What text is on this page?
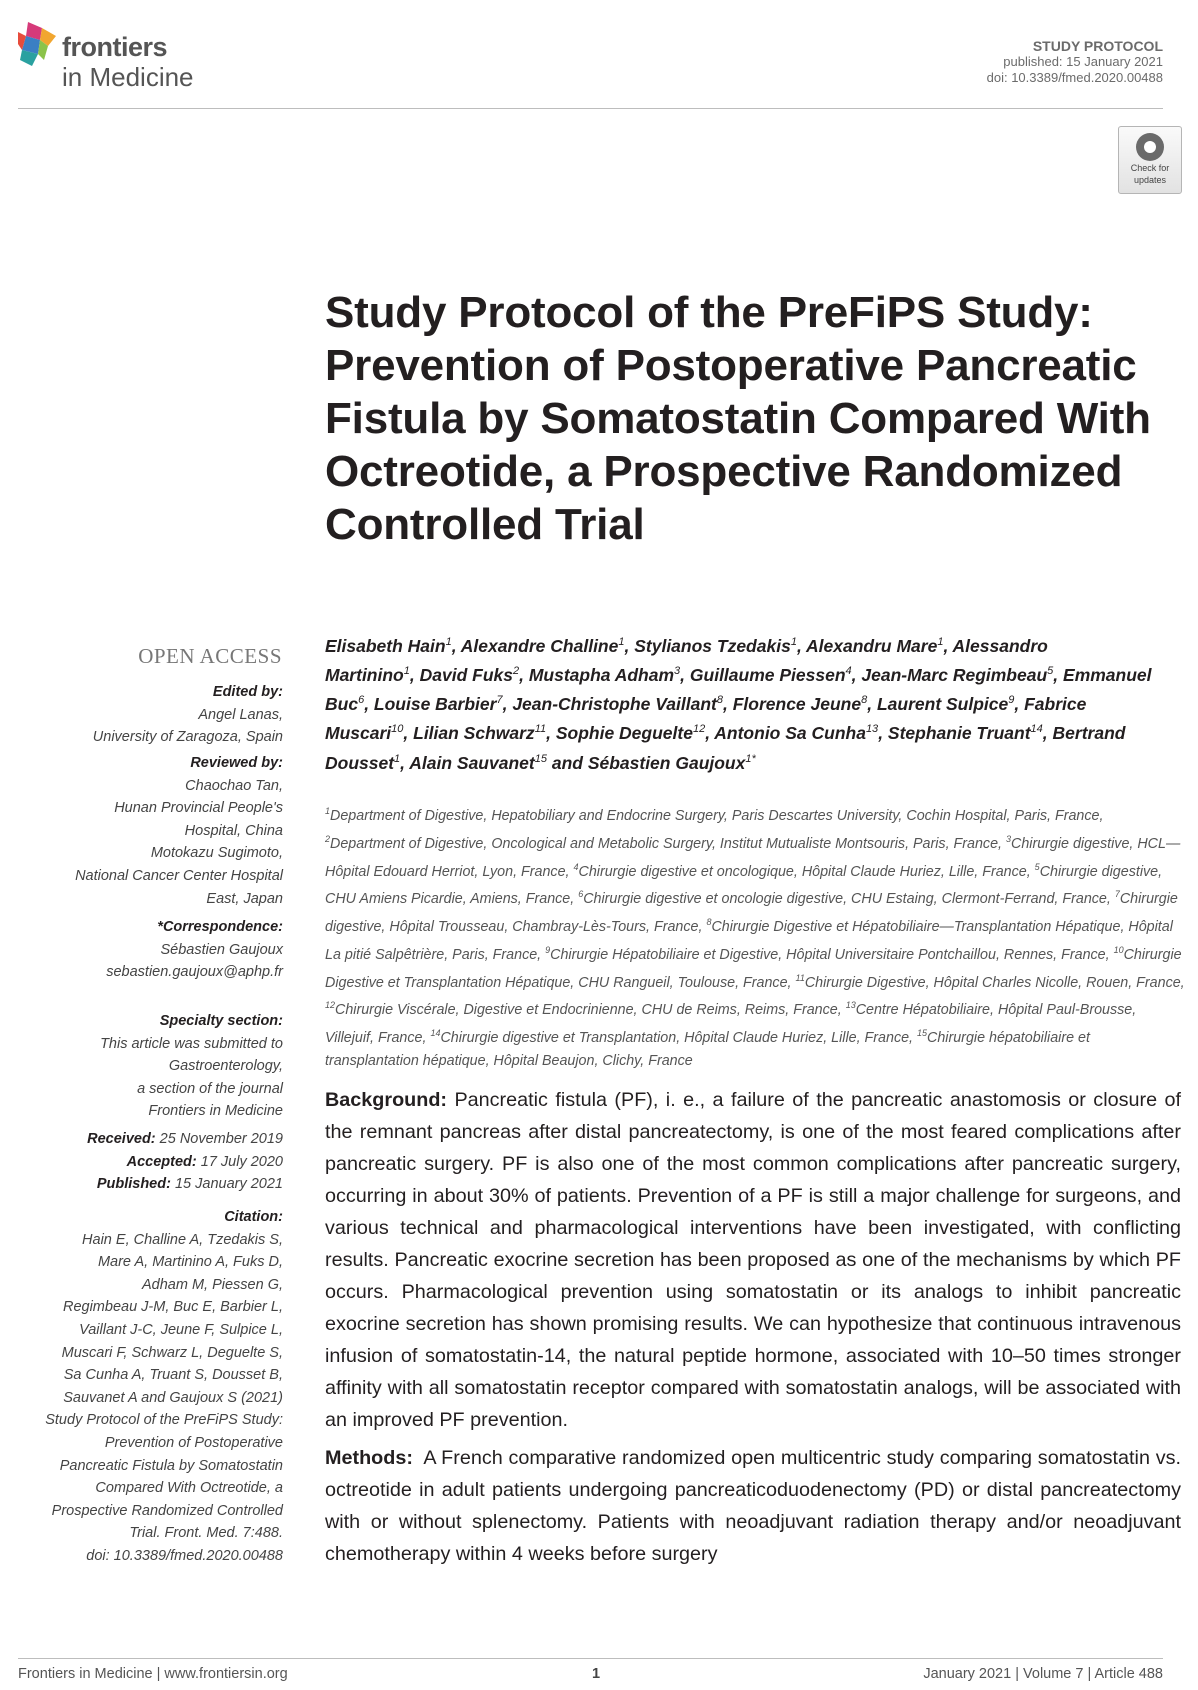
frontiers
in Medicine
STUDY PROTOCOL
published: 15 January 2021
doi: 10.3389/fmed.2020.00488
Check for
updates
Study Protocol of the PreFiPS Study: Prevention of Postoperative Pancreatic Fistula by Somatostatin Compared With Octreotide, a Prospective Randomized Controlled Trial
OPEN ACCESS
Edited by:
Angel Lanas,
University of Zaragoza, Spain
Reviewed by:
Chaochao Tan,
Hunan Provincial People's
Hospital, China
Motokazu Sugimoto,
National Cancer Center Hospital
East, Japan
*Correspondence:
Sébastien Gaujoux
sebastien.gaujoux@aphp.fr
Specialty section:
This article was submitted to
Gastroenterology,
a section of the journal
Frontiers in Medicine
Received: 25 November 2019
Accepted: 17 July 2020
Published: 15 January 2021
Citation:
Hain E, Challine A, Tzedakis S,
Mare A, Martinino A, Fuks D,
Adham M, Piessen G,
Regimbeau J-M, Buc E, Barbier L,
Vaillant J-C, Jeune F, Sulpice L,
Muscari F, Schwarz L, Deguelte S,
Sa Cunha A, Truant S, Dousset B,
Sauvanet A and Gaujoux S (2021)
Study Protocol of the PreFiPS Study:
Prevention of Postoperative
Pancreatic Fistula by Somatostatin
Compared With Octreotide, a
Prospective Randomized Controlled
Trial. Front. Med. 7:488.
doi: 10.3389/fmed.2020.00488
Elisabeth Hain$^1$, Alexandre Challine$^1$, Stylianos Tzedakis$^1$, Alexandru Mare$^1$, Alessandro Martinino$^1$, David Fuks$^2$, Mustapha Adham$^3$, Guillaume Piessen$^4$, Jean-Marc Regimbeau$^5$, Emmanuel Buc$^6$, Louise Barbier$^7$, Jean-Christophe Vaillant$^8$, Florence Jeune$^8$, Laurent Sulpice$^9$, Fabrice Muscari$^{10}$, Lilian Schwarz$^{11}$, Sophie Deguelte$^{12}$, Antonio Sa Cunha$^{13}$, Stephanie Truant$^{14}$, Bertrand Dousset$^1$, Alain Sauvanet$^{15}$ and Sébastien Gaujoux$^{1*}$
$^1$Department of Digestive, Hepatobiliary and Endocrine Surgery, Paris Descartes University, Cochin Hospital, Paris, France, $^2$Department of Digestive, Oncological and Metabolic Surgery, Institut Mutualiste Montsouris, Paris, France, $^3$Chirurgie digestive, HCL—Hôpital Edouard Herriot, Lyon, France, $^4$Chirurgie digestive et oncologique, Hôpital Claude Huriez, Lille, France, $^5$Chirurgie digestive, CHU Amiens Picardie, Amiens, France, $^6$Chirurgie digestive et oncologie digestive, CHU Estaing, Clermont-Ferrand, France, $^7$Chirurgie digestive, Hôpital Trousseau, Chambray-Lès-Tours, France, $^8$Chirurgie Digestive et Hépatobiliaire—Transplantation Hépatique, Hôpital La pitié Salpêtrière, Paris, France, $^9$Chirurgie Hépatobiliaire et Digestive, Hôpital Universitaire Pontchaillou, Rennes, France, $^{10}$Chirurgie Digestive et Transplantation Hépatique, CHU Rangueil, Toulouse, France, $^{11}$Chirurgie Digestive, Hôpital Charles Nicolle, Rouen, France, $^{12}$Chirurgie Viscérale, Digestive et Endocrinienne, CHU de Reims, Reims, France, $^{13}$Centre Hépatobiliaire, Hôpital Paul-Brousse, Villejuif, France, $^{14}$Chirurgie digestive et Transplantation, Hôpital Claude Huriez, Lille, France, $^{15}$Chirurgie hépatobiliaire et transplantation hépatique, Hôpital Beaujon, Clichy, France

Background: Pancreatic fistula (PF), i. e., a failure of the pancreatic anastomosis or closure of the remnant pancreas after distal pancreatectomy, is one of the most feared complications after pancreatic surgery. PF is also one of the most common complications after pancreatic surgery, occurring in about 30% of patients. Prevention of a PF is still a major challenge for surgeons, and various technical and pharmacological interventions have been investigated, with conflicting results. Pancreatic exocrine secretion has been proposed as one of the mechanisms by which PF occurs. Pharmacological prevention using somatostatin or its analogs to inhibit pancreatic exocrine secretion has shown promising results. We can hypothesize that continuous intravenous infusion of somatostatin-14, the natural peptide hormone, associated with 10–50 times stronger affinity with all somatostatin receptor compared with somatostatin analogs, will be associated with an improved PF prevention.

Methods: A French comparative randomized open multicentric study comparing somatostatin vs. octreotide in adult patients undergoing pancreaticoduodenectomy (PD) or distal pancreatectomy with or without splenectomy. Patients with neoadjuvant radiation therapy and/or neoadjuvant chemotherapy within 4 weeks before surgery

Frontiers in Medicine | www.frontiersin.org	1	January 2021 | Volume 7 | Article 488
